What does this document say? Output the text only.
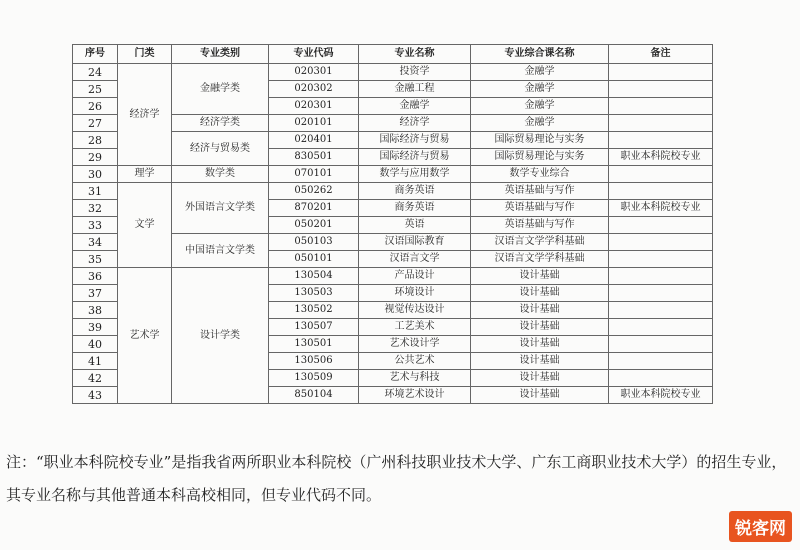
序号	门类	专业类别	专业代码	专业名称	专业综合课名称	备注
24	经济学	金融学类	020301	投资学	金融学	
25			020302	金融工程	金融学	
26			020301	金融学	金融学	
27		经济学类	020101	经济学	金融学	
28		经济与贸易类	020401	国际经济与贸易	国际贸易理论与实务	
29			830501	国际经济与贸易	国际贸易理论与实务	职业本科院校专业
30	理学	数学类	070101	数学与应用数学	数学专业综合	
31	文学	外国语言文学类	050262	商务英语	英语基础与写作	
32			870201	商务英语	英语基础与写作	职业本科院校专业
33			050201	英语	英语基础与写作	
34		中国语言文学类	050103	汉语国际教育	汉语言文学学科基础	
35			050101	汉语言文学	汉语言文学学科基础	
36	艺术学	设计学类	130504	产品设计	设计基础	
37			130503	环境设计	设计基础	
38			130502	视觉传达设计	设计基础	
39			130507	工艺美术	设计基础	
40			130501	艺术设计学	设计基础	
41			130506	公共艺术	设计基础	
42			130509	艺术与科技	设计基础	
43			850104	环境艺术设计	设计基础	职业本科院校专业

注：“职业本科院校专业”是指我省两所职业本科院校（广州科技职业技术大学、广东工商职业技术大学）的招生专业，其专业名称与其他普通本科高校相同，但专业代码不同。

锐客网
